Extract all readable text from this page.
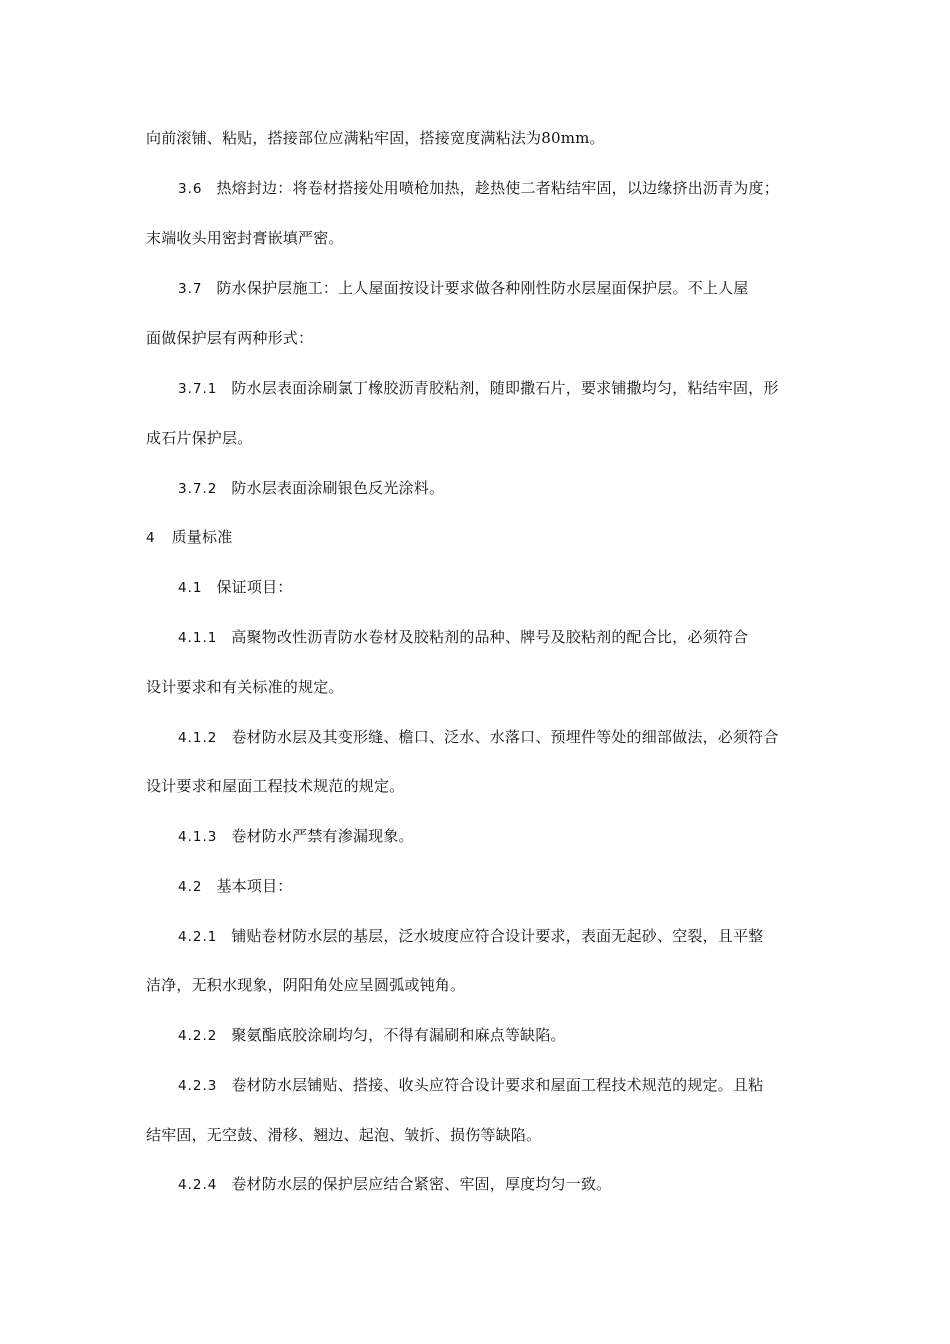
向前滚铺、粘贴，搭接部位应满粘牢固，搭接宽度满粘法为80mm。
3.6 热熔封边：将卷材搭接处用喷枪加热，趁热使二者粘结牢固，以边缘挤出沥青为度；
末端收头用密封膏嵌填严密。
3.7 防水保护层施工：上人屋面按设计要求做各种刚性防水层屋面保护层。不上人屋
面做保护层有两种形式：
3.7.1 防水层表面涂刷氯丁橡胶沥青胶粘剂，随即撒石片，要求铺撒均匀，粘结牢固，形
成石片保护层。
3.7.2 防水层表面涂刷银色反光涂料。
4 质量标准
4.1 保证项目：
4.1.1 高聚物改性沥青防水卷材及胶粘剂的品种、牌号及胶粘剂的配合比，必须符合
设计要求和有关标准的规定。
4.1.2 卷材防水层及其变形缝、檐口、泛水、水落口、预埋件等处的细部做法，必须符合
设计要求和屋面工程技术规范的规定。
4.1.3 卷材防水严禁有渗漏现象。
4.2 基本项目：
4.2.1 铺贴卷材防水层的基层，泛水坡度应符合设计要求，表面无起砂、空裂，且平整
洁净，无积水现象，阴阳角处应呈圆弧或钝角。
4.2.2 聚氨酯底胶涂刷均匀，不得有漏刷和麻点等缺陷。
4.2.3 卷材防水层铺贴、搭接、收头应符合设计要求和屋面工程技术规范的规定。且粘
结牢固，无空鼓、滑移、翘边、起泡、皱折、损伤等缺陷。
4.2.4 卷材防水层的保护层应结合紧密、牢固，厚度均匀一致。
